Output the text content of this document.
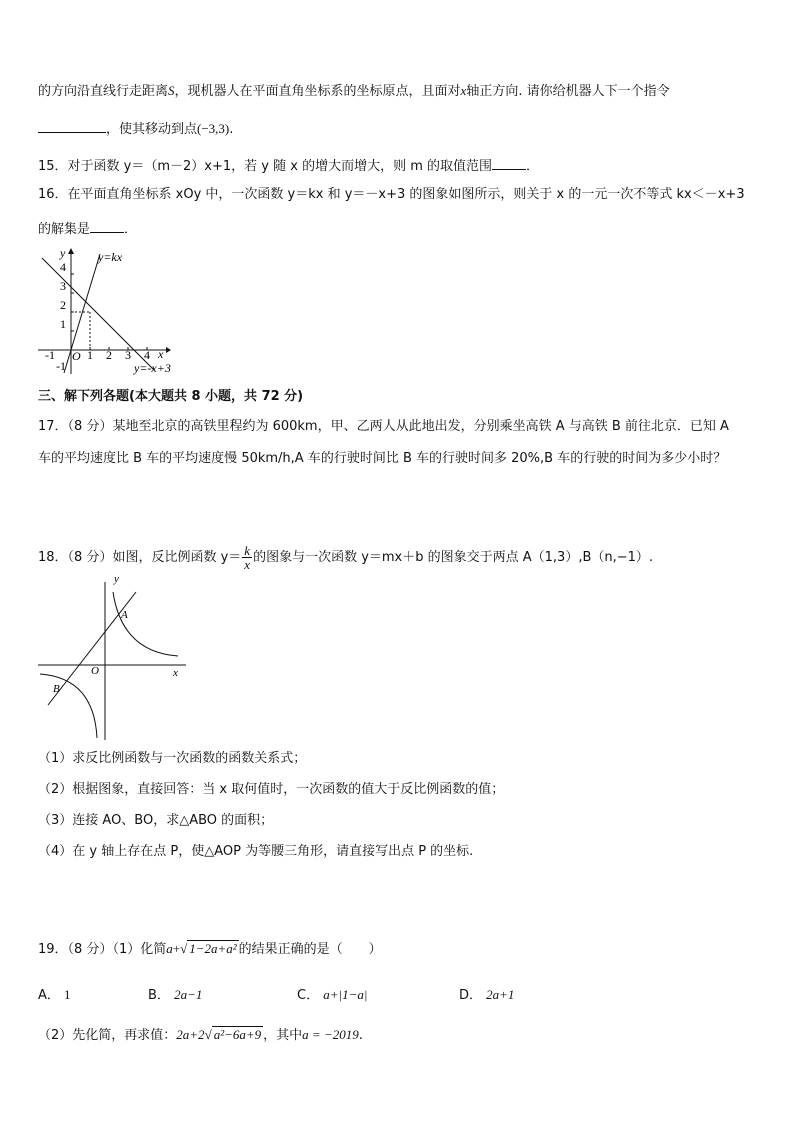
的方向沿直线行走距离S，现机器人在平面直角坐标系的坐标原点，且面对x轴正方向. 请你给机器人下一个指令
，使其移动到点(−3,3).
15．对于函数 y＝（m－2）x+1，若 y 随 x 的增大而增大，则 m 的取值范围	．
16．在平面直角坐标系 xOy 中，一次函数 y＝kx 和 y＝－x+3 的图象如图所示，则关于 x 的一元一次不等式 kx＜－x+3
的解集是	．
y
x
O
y=kx
y=-x+3
-1	1 2 3 4
4
3
2
1
-1
三、解下列各题(本大题共 8 小题，共 72 分)
17．（8 分）某地至北京的高铁里程约为 600km，甲、乙两人从此地出发，分别乘坐高铁 A 与高铁 B 前往北京．已知 A
车的平均速度比 B 车的平均速度慢 50km/h,A 车的行驶时间比 B 车的行驶时间多 20%,B 车的行驶的时间为多少小时？
18．（8 分）如图，反比例函数 $y= \frac{k}{x}$ 的图象与一次函数 y＝mx＋b 的图象交于两点 A（1,3）,B（n,−1）.
y
x
O
A
B
（1）求反比例函数与一次函数的函数关系式；
（2）根据图象，直接回答：当 x 取何值时，一次函数的值大于反比例函数的值；
（3）连接 AO、BO，求△ABO 的面积；
（4）在 y 轴上存在点 P，使△AOP 为等腰三角形，请直接写出点 P 的坐标.
19．（8 分）（1）化简a+√ 1−2a+a² 的结果正确的是（　　）
A． 1	B． 2a−1	C． a+|1−a|	D． 2a+1
（2）先化简，再求值：2a+2√ a²−6a+9 ，其中a = −2019.
